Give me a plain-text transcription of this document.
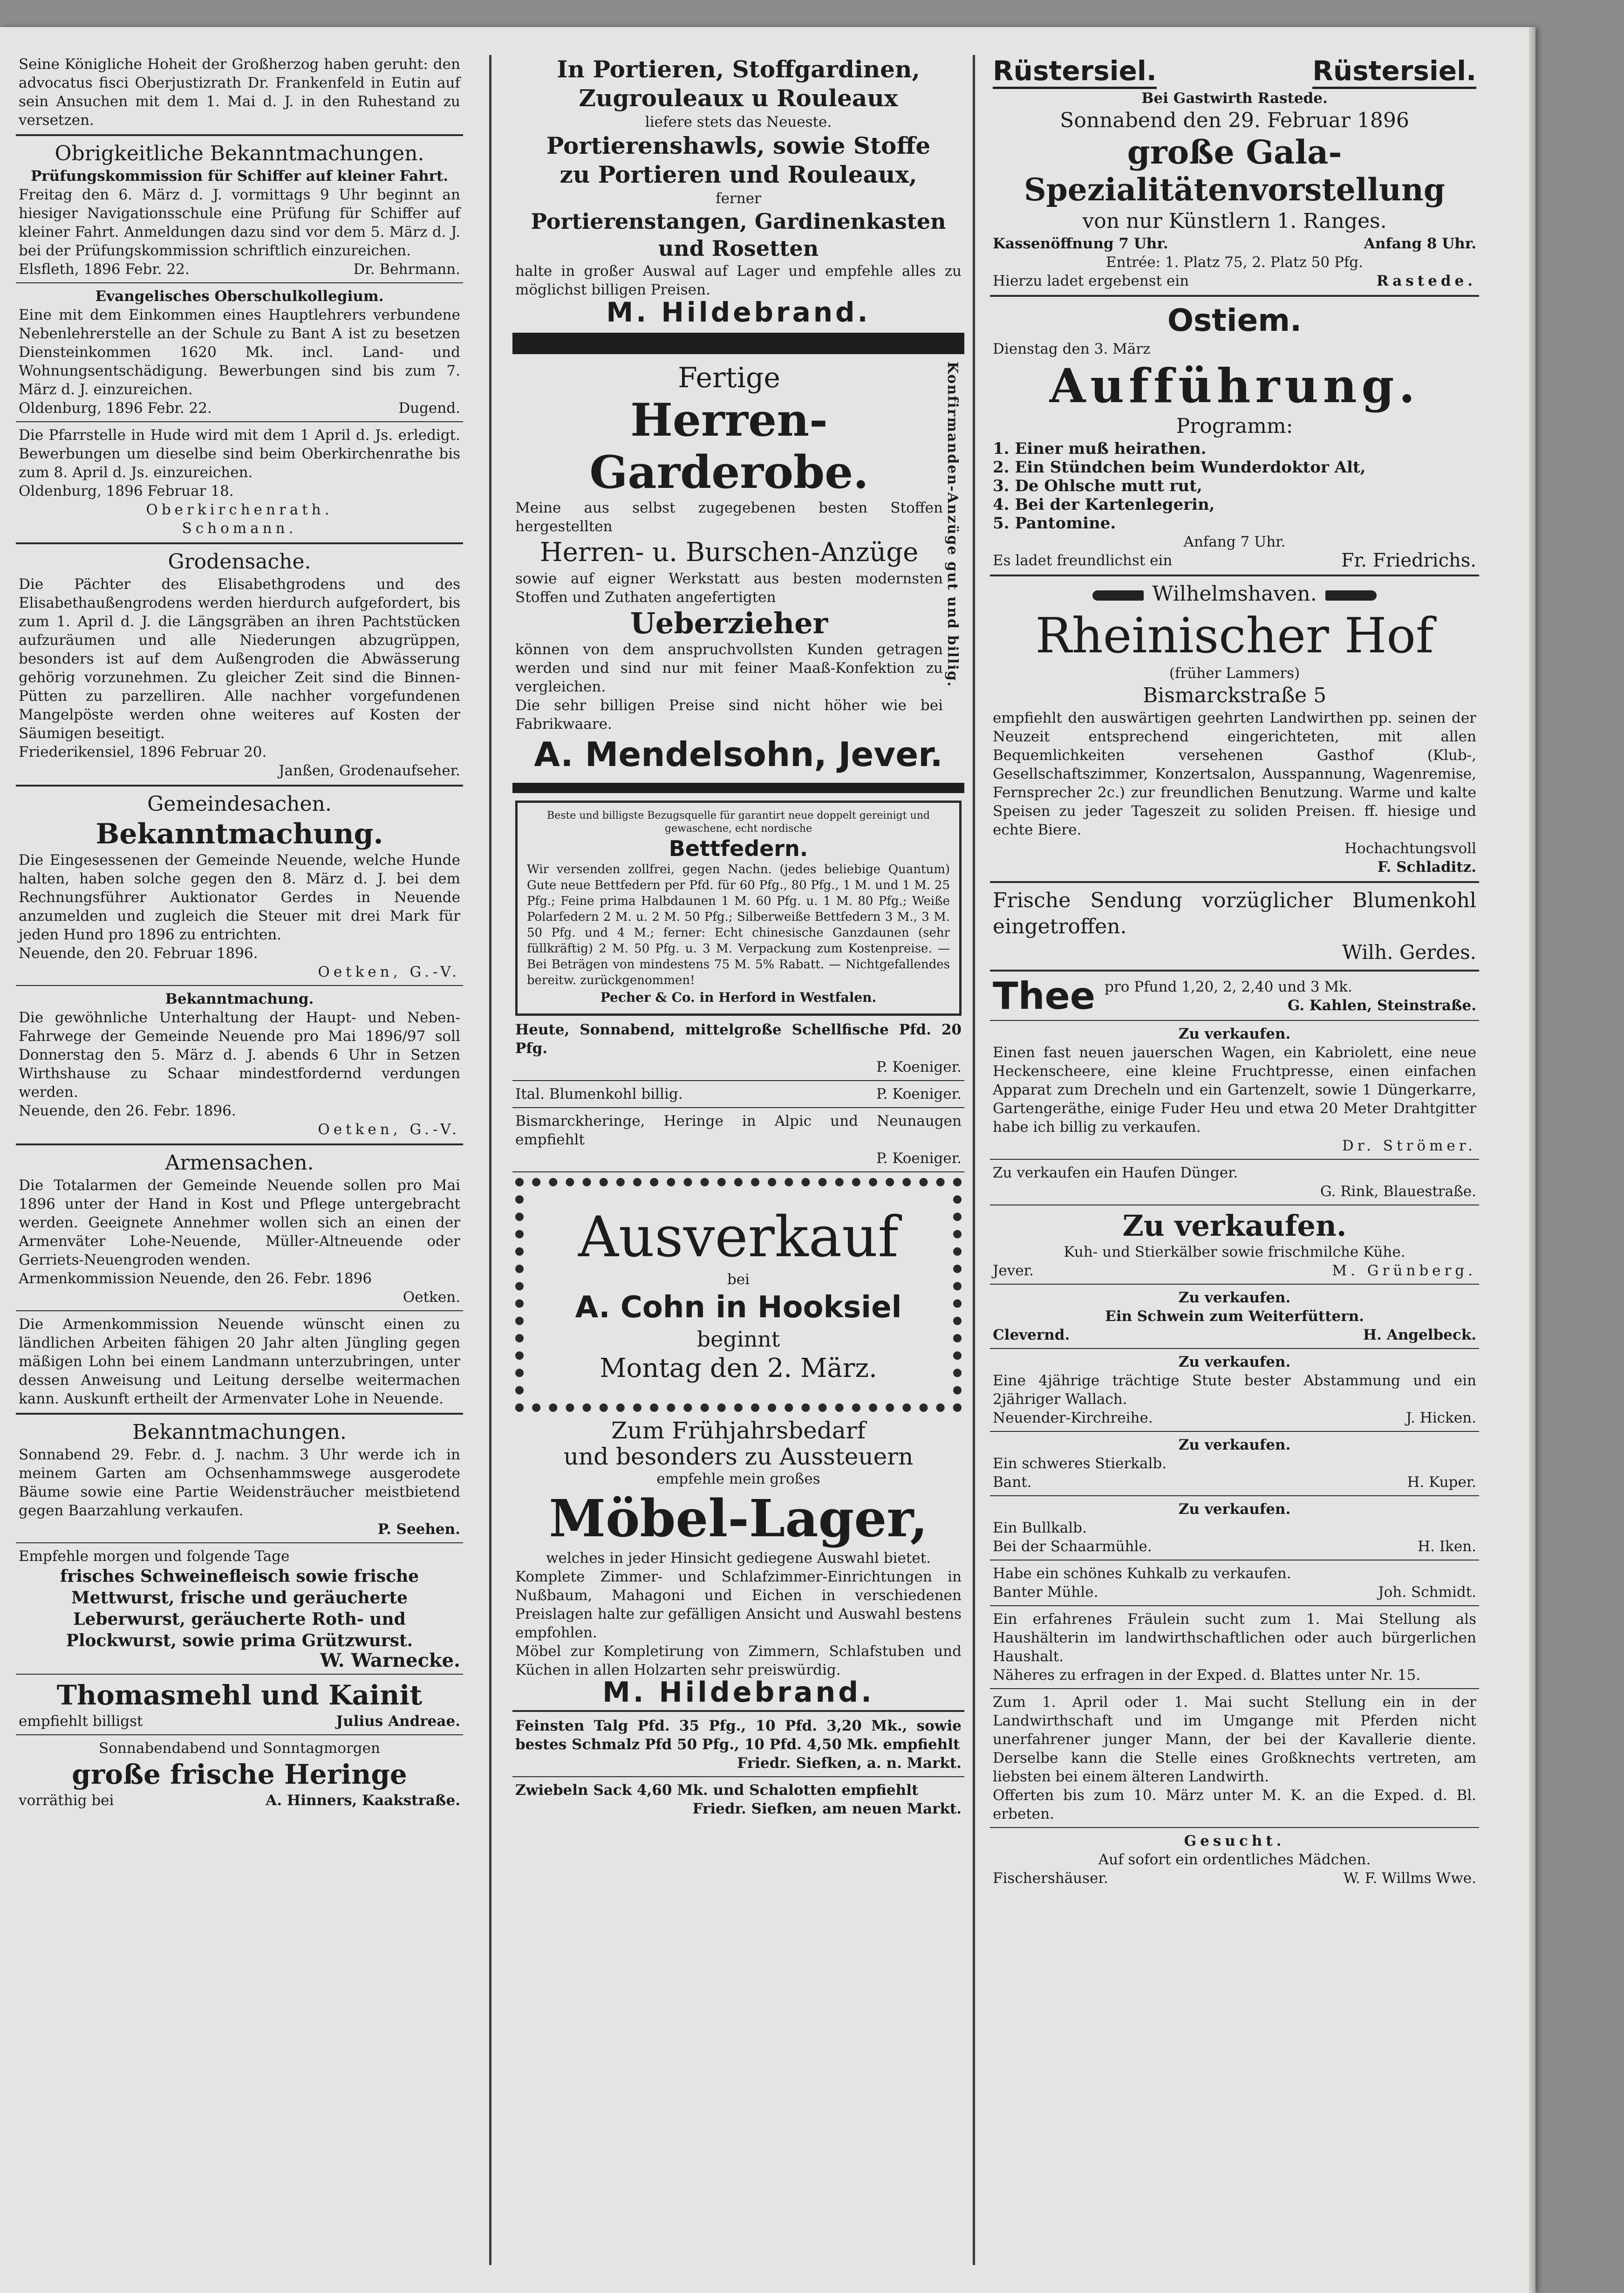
Seine Königliche Hoheit der Großherzog haben geruht: den advocatus fisci Oberjustizrath Dr. Frankenfeld in Eutin auf sein Ansuchen mit dem 1. Mai d. J. in den Ruhestand zu versetzen.

Obrigkeitliche Bekanntmachungen.

Prüfungskommission für Schiffer auf kleiner Fahrt.

Freitag den 6. März d. J. vormittags 9 Uhr beginnt an hiesiger Navigationsschule eine Prüfung für Schiffer auf kleiner Fahrt. Anmeldungen dazu sind vor dem 5. März d. J. bei der Prüfungskommission schriftlich einzureichen.

Elsfleth, 1896 Febr. 22.	Dr. Behrmann.

Evangelisches Oberschulkollegium.

Eine mit dem Einkommen eines Hauptlehrers verbundene Nebenlehrerstelle an der Schule zu Bant A ist zu besetzen Diensteinkommen 1620 Mk. incl. Land- und Wohnungsentschädigung. Bewerbungen sind bis zum 7. März d. J. einzureichen.

Oldenburg, 1896 Febr. 22.	Dugend.

Die Pfarrstelle in Hude wird mit dem 1 April d. Js. erledigt. Bewerbungen um dieselbe sind beim Oberkirchenrathe bis zum 8. April d. Js. einzureichen.

Oldenburg, 1896 Februar 18.

Oberkirchenrath.

Schomann.

Grodensache.

Die Pächter des Elisabethgrodens und des Elisabethaußengrodens werden hierdurch aufgefordert, bis zum 1. April d. J. die Längsgräben an ihren Pachtstücken aufzuräumen und alle Niederungen abzugrüppen, besonders ist auf dem Außengroden die Abwässerung gehörig vorzunehmen. Zu gleicher Zeit sind die Binnen-Pütten zu parzelliren. Alle nachher vorgefundenen Mangelpöste werden ohne weiteres auf Kosten der Säumigen beseitigt.

Friederikensiel, 1896 Februar 20.

Janßen, Grodenaufseher.

Gemeindesachen.

Bekanntmachung.

Die Eingesessenen der Gemeinde Neuende, welche Hunde halten, haben solche gegen den 8. März d. J. bei dem Rechnungsführer Auktionator Gerdes in Neuende anzumelden und zugleich die Steuer mit drei Mark für jeden Hund pro 1896 zu entrichten.

Neuende, den 20. Februar 1896.

Oetken, G.-V.

Bekanntmachung.

Die gewöhnliche Unterhaltung der Haupt- und Neben-Fahrwege der Gemeinde Neuende pro Mai 1896/97 soll Donnerstag den 5. März d. J. abends 6 Uhr in Setzen Wirthshause zu Schaar mindestfordernd verdungen werden.

Neuende, den 26. Febr. 1896.

Oetken, G.-V.

Armensachen.

Die Totalarmen der Gemeinde Neuende sollen pro Mai 1896 unter der Hand in Kost und Pflege untergebracht werden. Geeignete Annehmer wollen sich an einen der Armenväter Lohe-Neuende, Müller-Altneuende oder Gerriets-Neuengroden wenden.

Armenkommission Neuende, den 26. Febr. 1896

Oetken.

Die Armenkommission Neuende wünscht einen zu ländlichen Arbeiten fähigen 20 Jahr alten Jüngling gegen mäßigen Lohn bei einem Landmann unterzubringen, unter dessen Anweisung und Leitung derselbe weitermachen kann. Auskunft ertheilt der Armenvater Lohe in Neuende.

Bekanntmachungen.

Sonnabend 29. Febr. d. J. nachm. 3 Uhr werde ich in meinem Garten am Ochsenhammswege ausgerodete Bäume sowie eine Partie Weidensträucher meistbietend gegen Baarzahlung verkaufen.

P. Seehen.

Empfehle morgen und folgende Tage

frisches Schweinefleisch sowie frische Mettwurst, frische und geräucherte Leberwurst, geräucherte Roth- und Plockwurst, sowie prima Grützwurst.

W. Warnecke.

Thomasmehl und Kainit

empfiehlt billigst	Julius Andreae.

Sonnabendabend und Sonntagmorgen

große frische Heringe

vorräthig bei	A. Hinners, Kaakstraße.

In Portieren, Stoffgardinen,

Zugrouleaux u Rouleaux

liefere stets das Neueste.

Portierenshawls, sowie Stoffe

zu Portieren und Rouleaux,

ferner

Portierenstangen, Gardinenkasten

und Rosetten

halte in großer Auswal auf Lager und empfehle alles zu möglichst billigen Preisen.

M. Hildebrand.

Fertige

Herren-Garderobe.

Meine aus selbst zugegebenen besten Stoffen hergestellten

Herren- u. Burschen-Anzüge

sowie auf eigner Werkstatt aus besten modernsten Stoffen und Zuthaten angefertigten

Ueberzieher

können von dem anspruchvollsten Kunden getragen werden und sind nur mit feiner Maaß-Konfektion zu vergleichen.

Die sehr billigen Preise sind nicht höher wie bei Fabrikwaare.

Konfirmanden-Anzüge gut und billig.

A. Mendelsohn, Jever.

Beste und billigste Bezugsquelle für garantirt neue doppelt gereinigt und gewaschene, echt nordische

Bettfedern.

Wir versenden zollfrei, gegen Nachn. (jedes beliebige Quantum) Gute neue Bettfedern per Pfd. für 60 Pfg., 80 Pfg., 1 M. und 1 M. 25 Pfg.; Feine prima Halbdaunen 1 M. 60 Pfg. u. 1 M. 80 Pfg.; Weiße Polarfedern 2 M. u. 2 M. 50 Pfg.; Silberweiße Bettfedern 3 M., 3 M. 50 Pfg. und 4 M.; ferner: Echt chinesische Ganzdaunen (sehr füllkräftig) 2 M. 50 Pfg. u. 3 M. Verpackung zum Kostenpreise. — Bei Beträgen von mindestens 75 M. 5% Rabatt. — Nichtgefallendes bereitw. zurückgenommen!

Pecher & Co. in Herford in Westfalen.

Heute, Sonnabend, mittelgroße Schellfische Pfd. 20 Pfg.

P. Koeniger.

Ital. Blumenkohl billig.	P. Koeniger.

Bismarckheringe, Heringe in Alpic und Neunaugen empfiehlt

P. Koeniger.

Ausverkauf

bei

A. Cohn in Hooksiel

beginnt

Montag den 2. März.

Zum Frühjahrsbedarf

und besonders zu Aussteuern

empfehle mein großes

Möbel-Lager,

welches in jeder Hinsicht gediegene Auswahl bietet.

Komplete Zimmer- und Schlafzimmer-Einrichtungen in Nußbaum, Mahagoni und Eichen in verschiedenen Preislagen halte zur gefälligen Ansicht und Auswahl bestens empfohlen.

Möbel zur Kompletirung von Zimmern, Schlafstuben und Küchen in allen Holzarten sehr preiswürdig.

M. Hildebrand.

Feinsten Talg Pfd. 35 Pfg., 10 Pfd. 3,20 Mk., sowie bestes Schmalz Pfd 50 Pfg., 10 Pfd. 4,50 Mk. empfiehlt

Friedr. Siefken, a. n. Markt.

Zwiebeln Sack 4,60 Mk. und Schalotten empfiehlt

Friedr. Siefken, am neuen Markt.

Rüstersiel.	Rüstersiel.

Bei Gastwirth Rastede.

Sonnabend den 29. Februar 1896

große Gala-

Spezialitätenvorstellung

von nur Künstlern 1. Ranges.

Kassenöffnung 7 Uhr.	Anfang 8 Uhr.

Entrée: 1. Platz 75, 2. Platz 50 Pfg.

Hierzu ladet ergebenst ein	Rastede.

Ostiem.

Dienstag den 3. März

Aufführung.

Programm:

1. Einer muß heirathen.

2. Ein Stündchen beim Wunderdoktor Alt,

3. De Ohlsche mutt rut,

4. Bei der Kartenlegerin,

5. Pantomine.

Anfang 7 Uhr.

Es ladet freundlichst ein	Fr. Friedrichs.

Wilhelmshaven.

Rheinischer Hof

(früher Lammers)

Bismarckstraße 5

empfiehlt den auswärtigen geehrten Landwirthen pp. seinen der Neuzeit entsprechend eingerichteten, mit allen Bequemlichkeiten versehenen Gasthof (Klub-, Gesellschaftszimmer, Konzertsalon, Ausspannung, Wagenremise, Fernsprecher 2c.) zur freundlichen Benutzung. Warme und kalte Speisen zu jeder Tageszeit zu soliden Preisen. ff. hiesige und echte Biere.

Hochachtungsvoll

F. Schladitz.

Frische Sendung vorzüglicher Blumenkohl eingetroffen.

Wilh. Gerdes.

Thee pro Pfund 1,20, 2, 2,40 und 3 Mk.

G. Kahlen, Steinstraße.

Zu verkaufen.

Einen fast neuen jauerschen Wagen, ein Kabriolett, eine neue Heckenscheere, eine kleine Fruchtpresse, einen einfachen Apparat zum Drecheln und ein Gartenzelt, sowie 1 Düngerkarre, Gartengeräthe, einige Fuder Heu und etwa 20 Meter Drahtgitter habe ich billig zu verkaufen.

Dr. Strömer.

Zu verkaufen ein Haufen Dünger.

G. Rink, Blauestraße.

Zu verkaufen.

Kuh- und Stierkälber sowie frischmilche Kühe.

Jever.	M. Grünberg.

Zu verkaufen.

Ein Schwein zum Weiterfüttern.

Clevernd.	H. Angelbeck.

Zu verkaufen.

Eine 4jährige trächtige Stute bester Abstammung und ein 2jähriger Wallach.

Neuender-Kirchreihe.	J. Hicken.

Zu verkaufen.

Ein schweres Stierkalb.

Bant.	H. Kuper.

Zu verkaufen.

Ein Bullkalb.

Bei der Schaarmühle.	H. Iken.

Habe ein schönes Kuhkalb zu verkaufen.

Banter Mühle.	Joh. Schmidt.

Ein erfahrenes Fräulein sucht zum 1. Mai Stellung als Haushälterin im landwirthschaftlichen oder auch bürgerlichen Haushalt.

Näheres zu erfragen in der Exped. d. Blattes unter Nr. 15.

Zum 1. April oder 1. Mai sucht Stellung ein in der Landwirthschaft und im Umgange mit Pferden nicht unerfahrener junger Mann, der bei der Kavallerie diente. Derselbe kann die Stelle eines Großknechts vertreten, am liebsten bei einem älteren Landwirth.

Offerten bis zum 10. März unter M. K. an die Exped. d. Bl. erbeten.

Gesucht.

Auf sofort ein ordentliches Mädchen.

Fischershäuser.	W. F. Willms Wwe.
